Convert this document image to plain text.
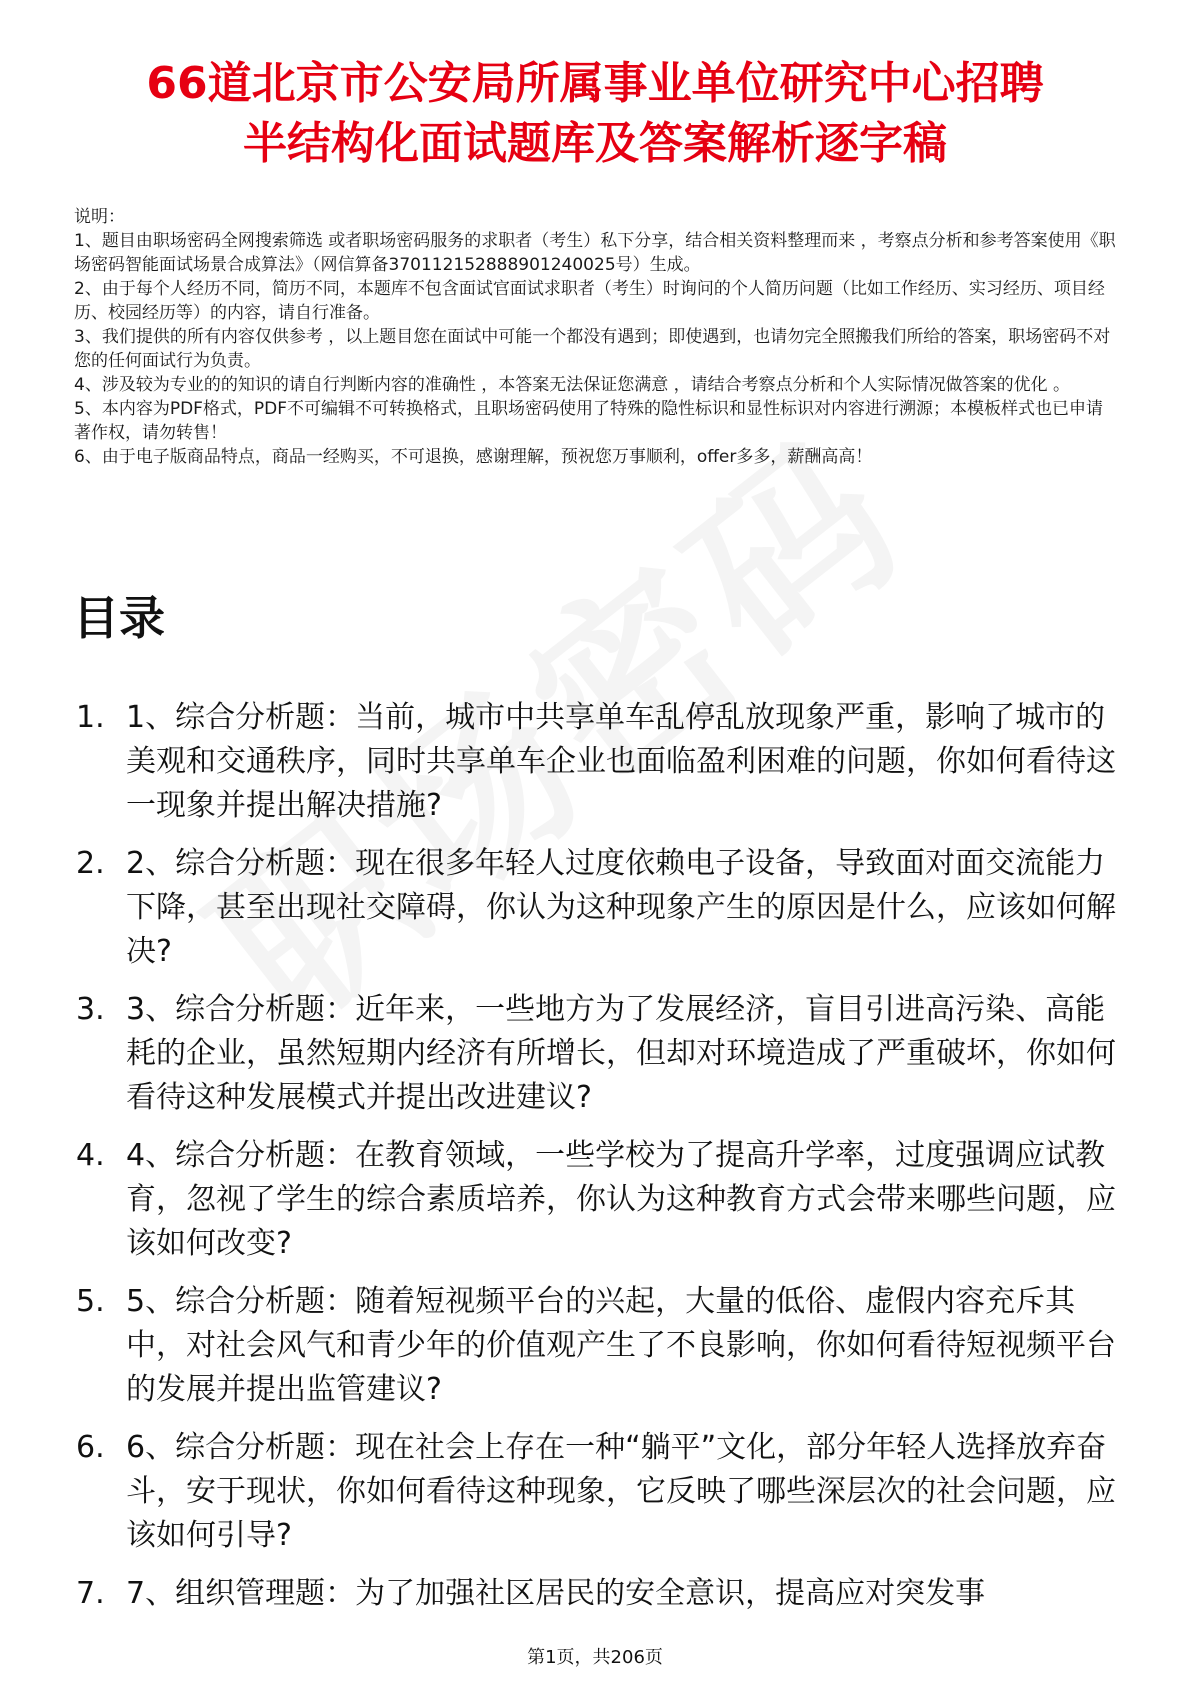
66道北京市公安局所属事业单位研究中心招聘
半结构化面试题库及答案解析逐字稿

说明：

1、题目由职场密码全网搜索筛选 或者职场密码服务的求职者（考生）私下分享，结合相关资料整理而来 ，考察点分析和参考答案使用《职场密码智能面试场景合成算法》（网信算备370112152888901240025号）生成。

2、由于每个人经历不同，简历不同，本题库不包含面试官面试求职者（考生）时询问的个人简历问题（比如工作经历、实习经历、项目经历、校园经历等）的内容，请自行准备。

3、我们提供的所有内容仅供参考 ，以上题目您在面试中可能一个都没有遇到；即使遇到，也请勿完全照搬我们所给的答案，职场密码不对您的任何面试行为负责。

4、涉及较为专业的的知识的请自行判断内容的准确性 ，本答案无法保证您满意 ，请结合考察点分析和个人实际情况做答案的优化 。

5、本内容为PDF格式，PDF不可编辑不可转换格式，且职场密码使用了特殊的隐性标识和显性标识对内容进行溯源；本模板样式也已申请著作权，请勿转售！

6、由于电子版商品特点，商品一经购买，不可退换，感谢理解，预祝您万事顺利，offer多多，薪酬高高！

目录
1. 1、综合分析题：当前，城市中共享单车乱停乱放现象严重，影响了城市的美观和交通秩序，同时共享单车企业也面临盈利困难的问题，你如何看待这一现象并提出解决措施?
2. 2、综合分析题：现在很多年轻人过度依赖电子设备，导致面对面交流能力下降，甚至出现社交障碍，你认为这种现象产生的原因是什么，应该如何解决?
3. 3、综合分析题：近年来，一些地方为了发展经济，盲目引进高污染、高能耗的企业，虽然短期内经济有所增长，但却对环境造成了严重破坏，你如何看待这种发展模式并提出改进建议?
4. 4、综合分析题：在教育领域，一些学校为了提高升学率，过度强调应试教育，忽视了学生的综合素质培养，你认为这种教育方式会带来哪些问题，应该如何改变?
5. 5、综合分析题：随着短视频平台的兴起，大量的低俗、虚假内容充斥其中，对社会风气和青少年的价值观产生了不良影响，你如何看待短视频平台的发展并提出监管建议?
6. 6、综合分析题：现在社会上存在一种“躺平”文化，部分年轻人选择放弃奋斗，安于现状，你如何看待这种现象，它反映了哪些深层次的社会问题，应该如何引导?
7. 7、组织管理题：为了加强社区居民的安全意识，提高应对突发事
第1页，共206页
